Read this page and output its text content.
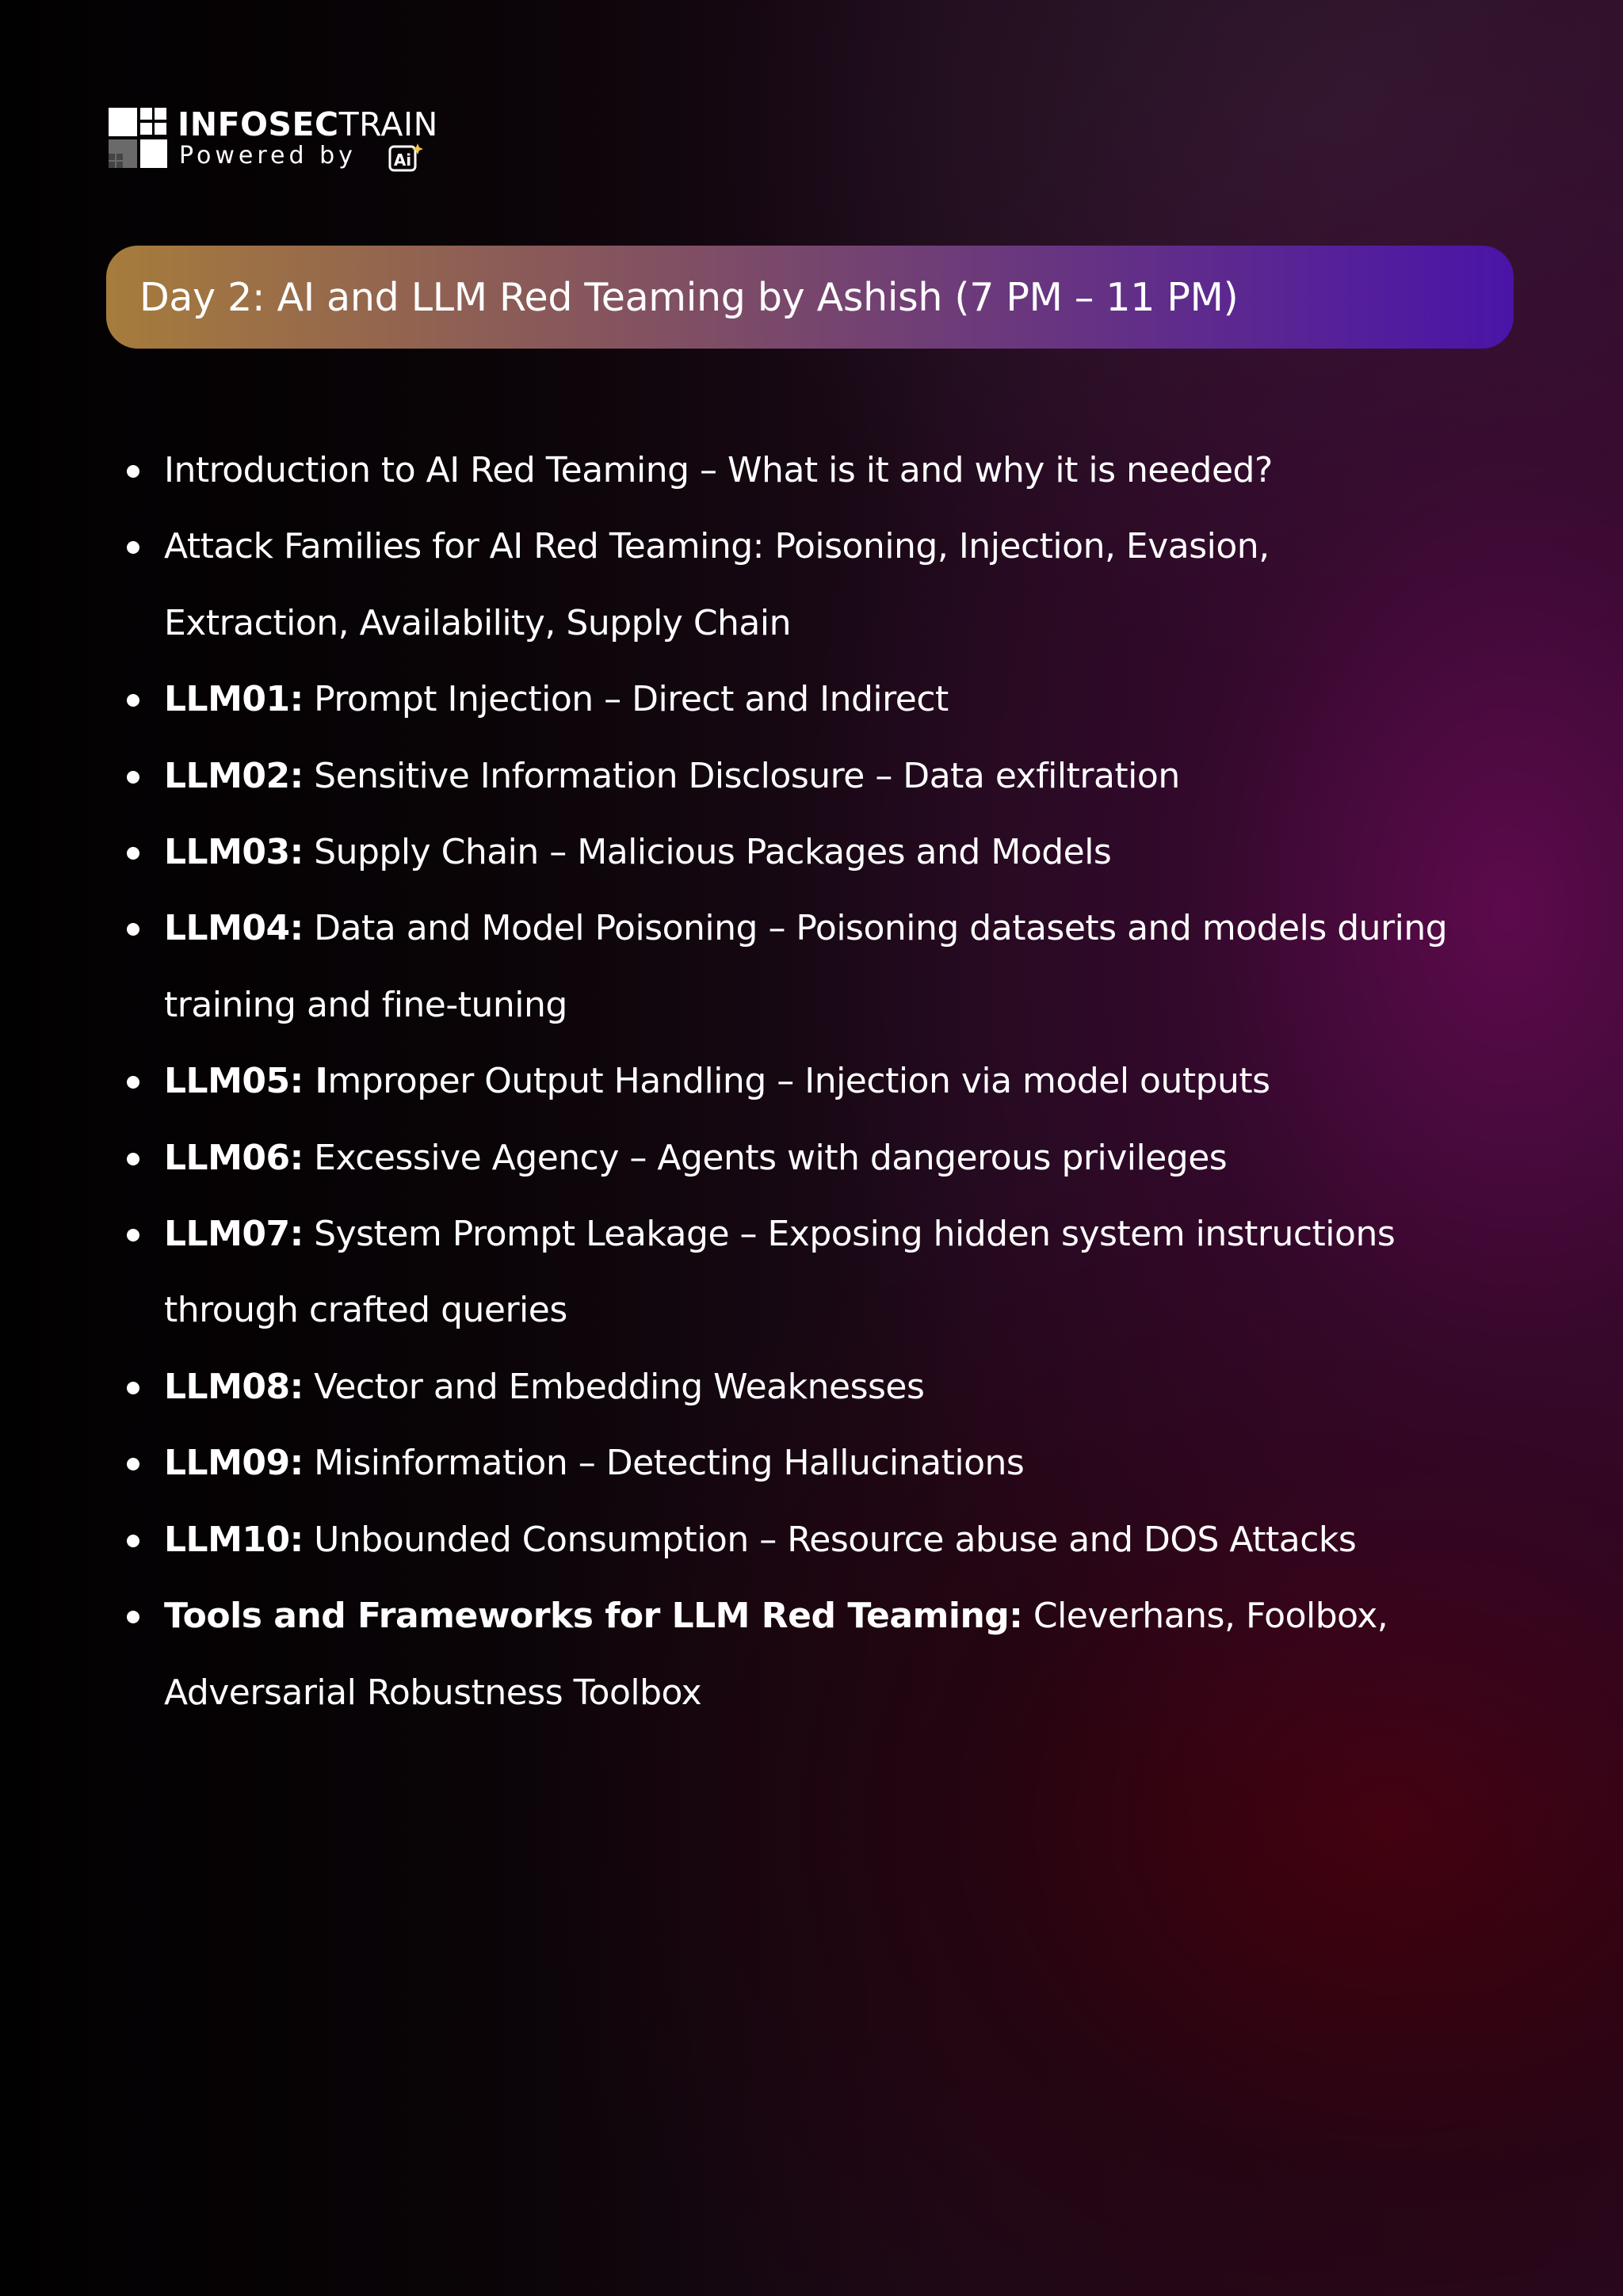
INFOSECTRAIN
Powered by Ai
Day 2: AI and LLM Red Teaming by Ashish (7 PM – 11 PM)
Introduction to AI Red Teaming – What is it and why it is needed?
Attack Families for AI Red Teaming: Poisoning, Injection, Evasion, Extraction, Availability, Supply Chain
LLM01: Prompt Injection – Direct and Indirect
LLM02: Sensitive Information Disclosure – Data exfiltration
LLM03: Supply Chain – Malicious Packages and Models
LLM04: Data and Model Poisoning – Poisoning datasets and models during training and fine-tuning
LLM05: Improper Output Handling – Injection via model outputs
LLM06: Excessive Agency – Agents with dangerous privileges
LLM07: System Prompt Leakage – Exposing hidden system instructions through crafted queries
LLM08: Vector and Embedding Weaknesses
LLM09: Misinformation – Detecting Hallucinations
LLM10: Unbounded Consumption – Resource abuse and DOS Attacks
Tools and Frameworks for LLM Red Teaming: Cleverhans, Foolbox, Adversarial Robustness Toolbox
